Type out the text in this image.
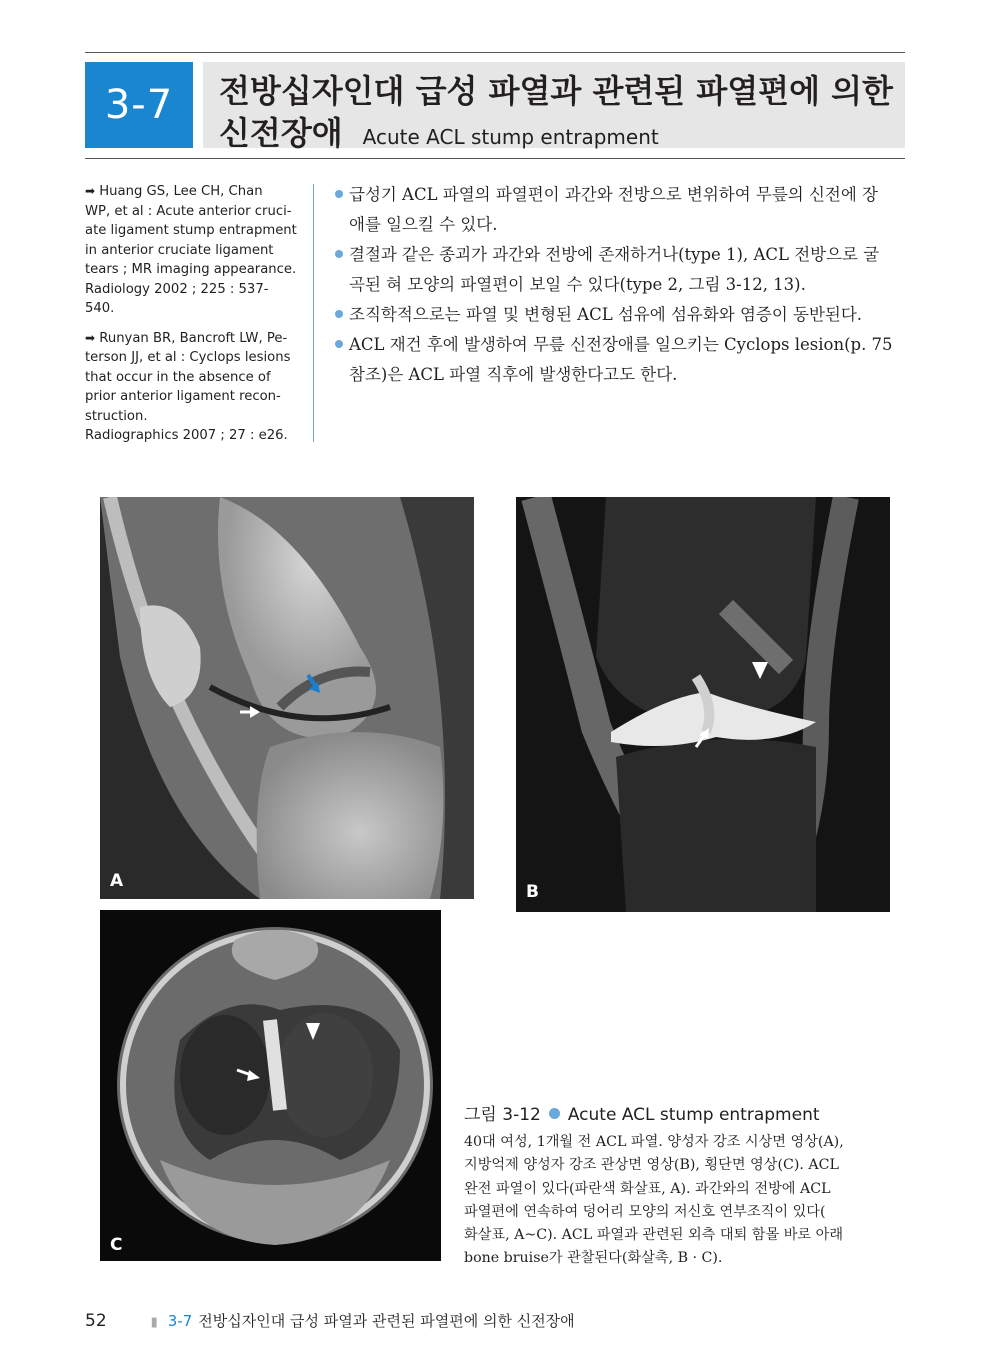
3-7 전방십자인대 급성 파열과 관련된 파열편에 의한
신전장애 Acute ACL stump entrapment
➡ Huang GS, Lee CH, Chan
WP, et al : Acute anterior cruci-
ate ligament stump entrapment
in anterior cruciate ligament
tears ; MR imaging appearance.
Radiology 2002 ; 225 : 537-
540.
➡ Runyan BR, Bancroft LW, Pe-
terson JJ, et al : Cyclops lesions
that occur in the absence of
prior anterior ligament recon-
struction.
Radiographics 2007 ; 27 : e26.
급성기 ACL 파열의 파열편이 과간와 전방으로 변위하여 무릎의 신전에 장
애를 일으킬 수 있다.
결절과 같은 종괴가 과간와 전방에 존재하거나(type 1), ACL 전방으로 굴
곡된 혀 모양의 파열편이 보일 수 있다(type 2, 그림 3-12, 13).
조직학적으로는 파열 및 변형된 ACL 섬유에 섬유화와 염증이 동반된다.
ACL 재건 후에 발생하여 무릎 신전장애를 일으키는 Cyclops lesion(p. 75
참조)은 ACL 파열 직후에 발생한다고도 한다.
A
B
C
그림 3-12 Acute ACL stump entrapment
40대 여성, 1개월 전 ACL 파열. 양성자 강조 시상면 영상(A),
지방억제 양성자 강조 관상면 영상(B), 횡단면 영상(C). ACL
완전 파열이 있다(파란색 화살표, A). 과간와의 전방에 ACL
파열편에 연속하여 덩어리 모양의 저신호 연부조직이 있다(
화살표, A~C). ACL 파열과 관련된 외측 대퇴 함몰 바로 아래
bone bruise가 관찰된다(화살촉, B · C).
52	▮ 3-7 전방십자인대 급성 파열과 관련된 파열편에 의한 신전장애
